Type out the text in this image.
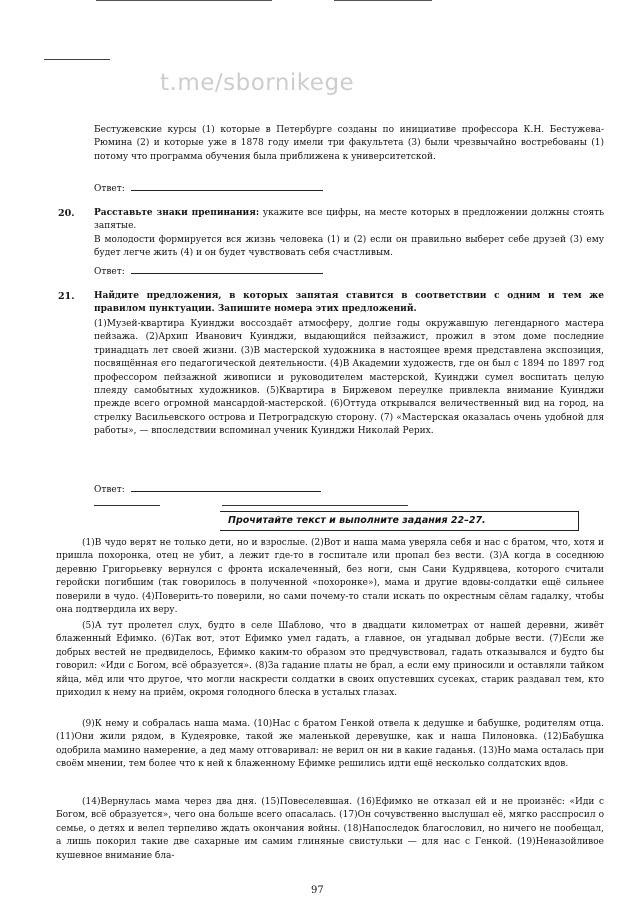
t.me/sbornikege

Бестужевские курсы (1) которые в Петербурге созданы по инициативе профессора К.Н. Бестужева-Рюмина (2) и которые уже в 1878 году имели три факультета (3) были чрезвычайно востребованы (1) потому что программа обучения была приближена к университетской.

Ответ:
20. Расставьте знаки препинания: укажите все цифры, на месте которых в предложении должны стоять запятые.

В молодости формируется вся жизнь человека (1) и (2) если он правильно выберет себе друзей (3) ему будет легче жить (4) и он будет чувствовать себя счастливым.

Ответ:
21. Найдите предложения, в которых запятая ставится в соответствии с одним и тем же правилом пунктуации. Запишите номера этих предложений.

(1)Музей-квартира Куинджи воссоздаёт атмосферу, долгие годы окружавшую легендарного мастера пейзажа. (2)Архип Иванович Куинджи, выдающийся пейзажист, прожил в этом доме последние тринадцать лет своей жизни. (3)В мастерской художника в настоящее время представлена экспозиция, посвящённая его педагогической деятельности. (4)В Академии художеств, где он был с 1894 по 1897 год профессором пейзажной живописи и руководителем мастерской, Куинджи сумел воспитать целую плеяду самобытных художников. (5)Квартира в Биржевом переулке привлекла внимание Куинджи прежде всего огромной мансардой-мастерской. (6)Оттуда открывался величественный вид на город, на стрелку Васильевского острова и Петроградскую сторону. (7) «Мастерская оказалась очень удобной для работы», — впоследствии вспоминал ученик Куинджи Николай Рерих.

Ответ:
Прочитайте текст и выполните задания 22–27.

(1)В чудо верят не только дети, но и взрослые. (2)Вот и наша мама уверяла себя и нас с братом, что, хотя и пришла похоронка, отец не убит, а лежит где-то в госпитале или пропал без вести. (3)А когда в соседнюю деревню Григорьевку вернулся с фронта искалеченный, без ноги, сын Сани Кудрявцева, которого считали геройски погибшим (так говорилось в полученной «похоронке»), мама и другие вдовы-солдатки ещё сильнее поверили в чудо. (4)Поверить-то поверили, но сами почему-то стали искать по окрестным сёлам гадалку, чтобы она подтвердила их веру.

(5)А тут пролетел слух, будто в селе Шаблово, что в двадцати километрах от нашей деревни, живёт блаженный Ефимко. (6)Так вот, этот Ефимко умел гадать, а главное, он угадывал добрые вести. (7)Если же добрых вестей не предвиделось, Ефимко каким-то образом это предчувствовал, гадать отказывался и будто бы говорил: «Иди с Богом, всё образуется». (8)За гадание платы не брал, а если ему приносили и оставляли тайком яйца, мёд или что другое, что могли наскрести солдатки в своих опустевших сусеках, старик раздавал тем, кто приходил к нему на приём, окромя голодного блеска в усталых глазах.

(9)К нему и собралась наша мама. (10)Нас с братом Генкой отвела к дедушке и бабушке, родителям отца. (11)Они жили рядом, в Кудеяровке, такой же маленькой деревушке, как и наша Пилоновка. (12)Бабушка одобрила мамино намерение, а дед маму отговаривал: не верил он ни в какие гаданья. (13)Но мама осталась при своём мнении, тем более что к ней к блаженному Ефимке решились идти ещё несколько солдатских вдов.

(14)Вернулась мама через два дня. (15)Повеселевшая. (16)Ефимко не отказал ей и не произнёс: «Иди с Богом, всё образуется», чего она больше всего опасалась. (17)Он сочувственно выслушал её, мягко расспросил о семье, о детях и велел терпеливо ждать окончания войны. (18)Напоследок благословил, но ничего не пообещал, а лишь покорил такие две сахарные им самим глиняные свистульки — для нас с Генкой. (19)Неназойливое кушевное внимание бла-

97
